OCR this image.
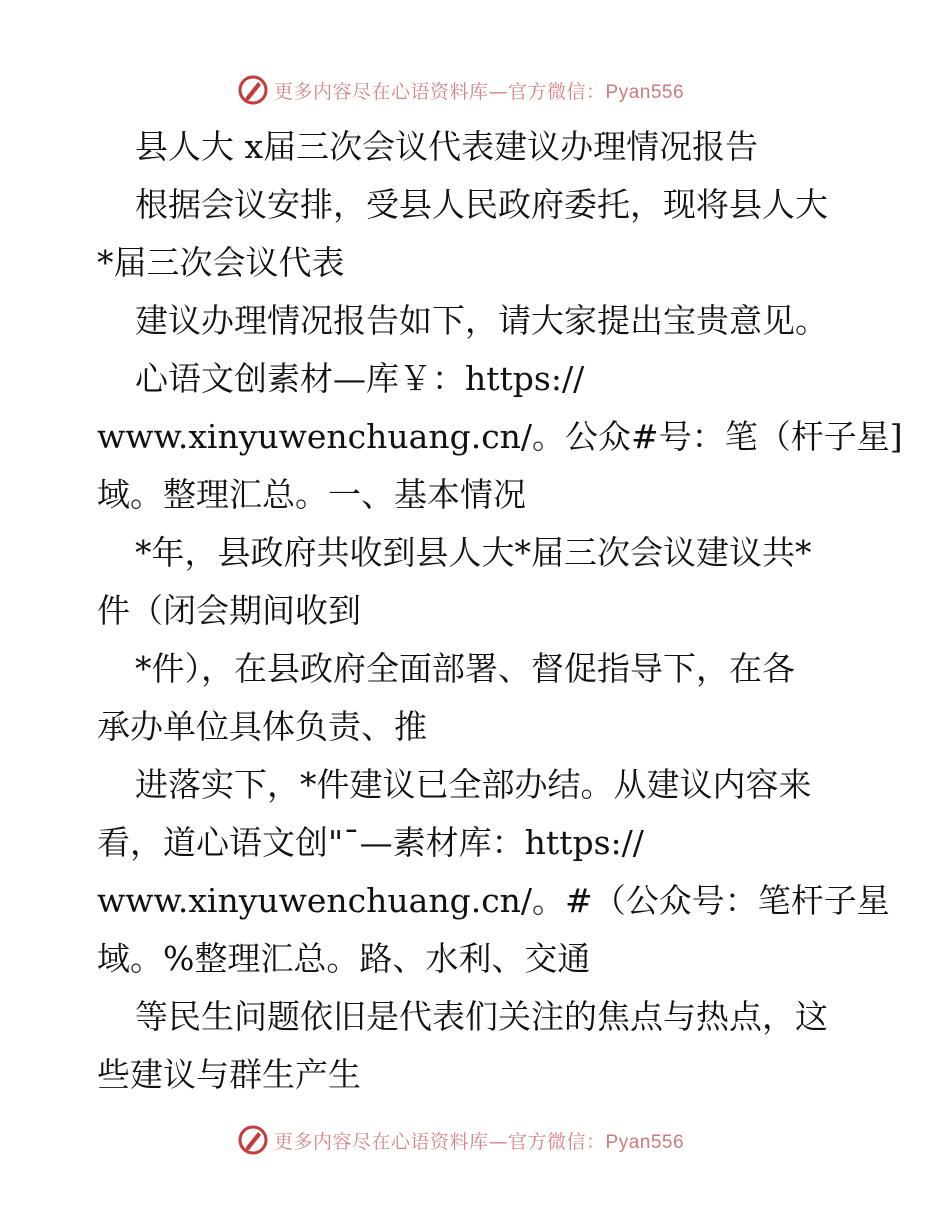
更多内容尽在心语资料库—官方微信：Pyan556
县人大 x届三次会议代表建议办理情况报告
根据会议安排，受县人民政府委托，现将县人大
*届三次会议代表
建议办理情况报告如下，请大家提出宝贵意见。
心语文创素材—库￥：https://
www.xinyuwenchuang.cn/。公众#号：笔（杆子星]
域。整理汇总。一、基本情况
*年，县政府共收到县人大*届三次会议建议共*
件（闭会期间收到
*件），在县政府全面部署、督促指导下，在各
承办单位具体负责、推
进落实下，*件建议已全部办结。从建议内容来
看，道心语文创"¯—素材库：https://
www.xinyuwenchuang.cn/。#（公众号：笔杆子星
域。%整理汇总。路、水利、交通
等民生问题依旧是代表们关注的焦点与热点，这
些建议与群生产生
更多内容尽在心语资料库—官方微信：Pyan556
